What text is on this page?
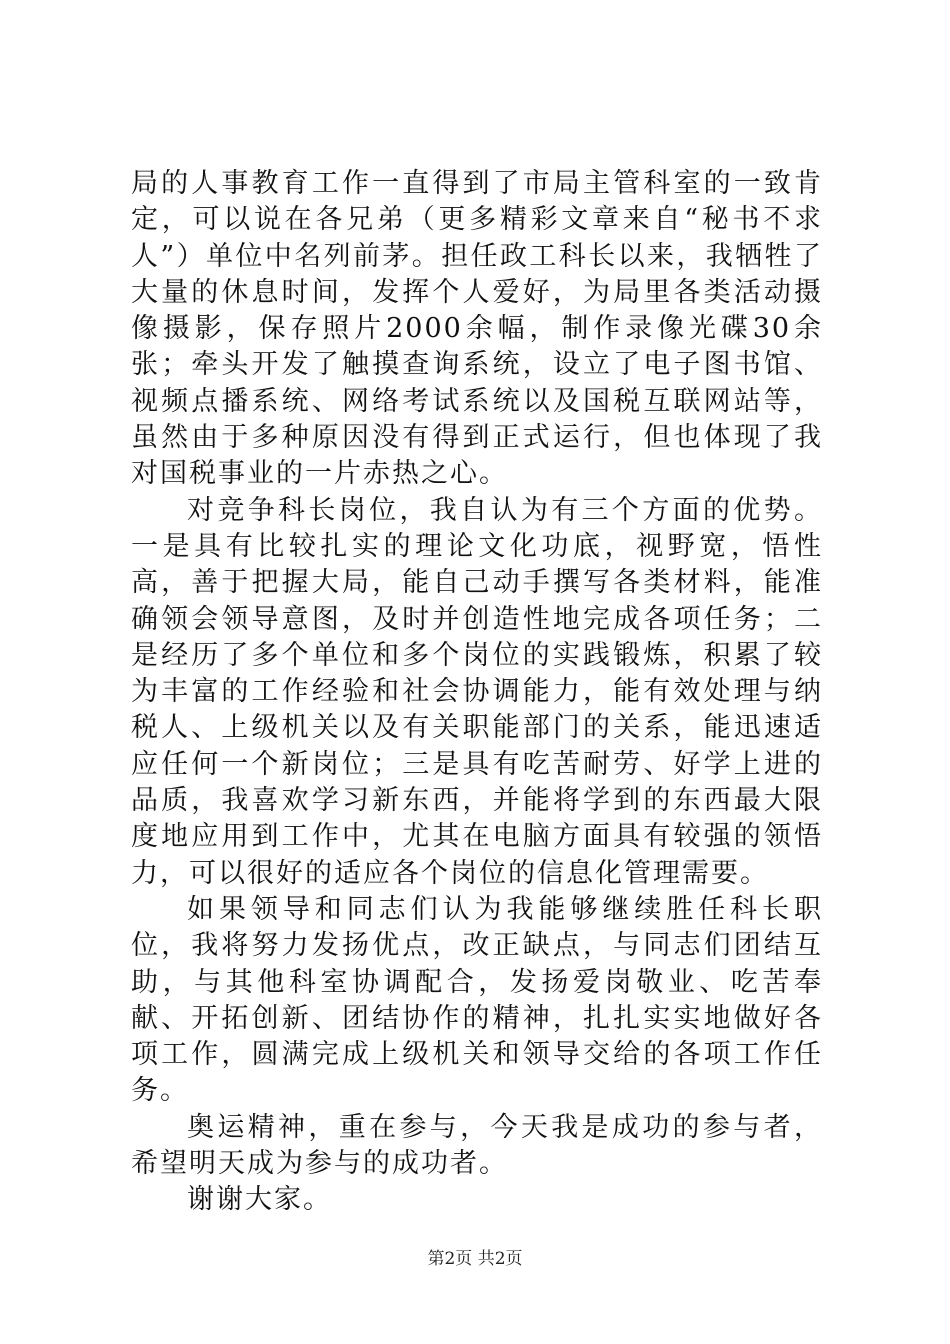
局的人事教育工作一直得到了市局主管科室的一致肯定，可以说在各兄弟（更多精彩文章来自“秘书不求人”）单位中名列前茅。担任政工科长以来，我牺牲了大量的休息时间，发挥个人爱好，为局里各类活动摄像摄影，保存照片2000余幅，制作录像光碟30余张；牵头开发了触摸查询系统，设立了电子图书馆、视频点播系统、网络考试系统以及国税互联网站等，虽然由于多种原因没有得到正式运行，但也体现了我对国税事业的一片赤热之心。

对竞争科长岗位，我自认为有三个方面的优势。一是具有比较扎实的理论文化功底，视野宽，悟性高，善于把握大局，能自己动手撰写各类材料，能准确领会领导意图，及时并创造性地完成各项任务；二是经历了多个单位和多个岗位的实践锻炼，积累了较为丰富的工作经验和社会协调能力，能有效处理与纳税人、上级机关以及有关职能部门的关系，能迅速适应任何一个新岗位；三是具有吃苦耐劳、好学上进的品质，我喜欢学习新东西，并能将学到的东西最大限度地应用到工作中，尤其在电脑方面具有较强的领悟力，可以很好的适应各个岗位的信息化管理需要。

如果领导和同志们认为我能够继续胜任科长职位，我将努力发扬优点，改正缺点，与同志们团结互助，与其他科室协调配合，发扬爱岗敬业、吃苦奉献、开拓创新、团结协作的精神，扎扎实实地做好各项工作，圆满完成上级机关和领导交给的各项工作任务。

奥运精神，重在参与，今天我是成功的参与者，希望明天成为参与的成功者。

谢谢大家。

第2页 共2页
